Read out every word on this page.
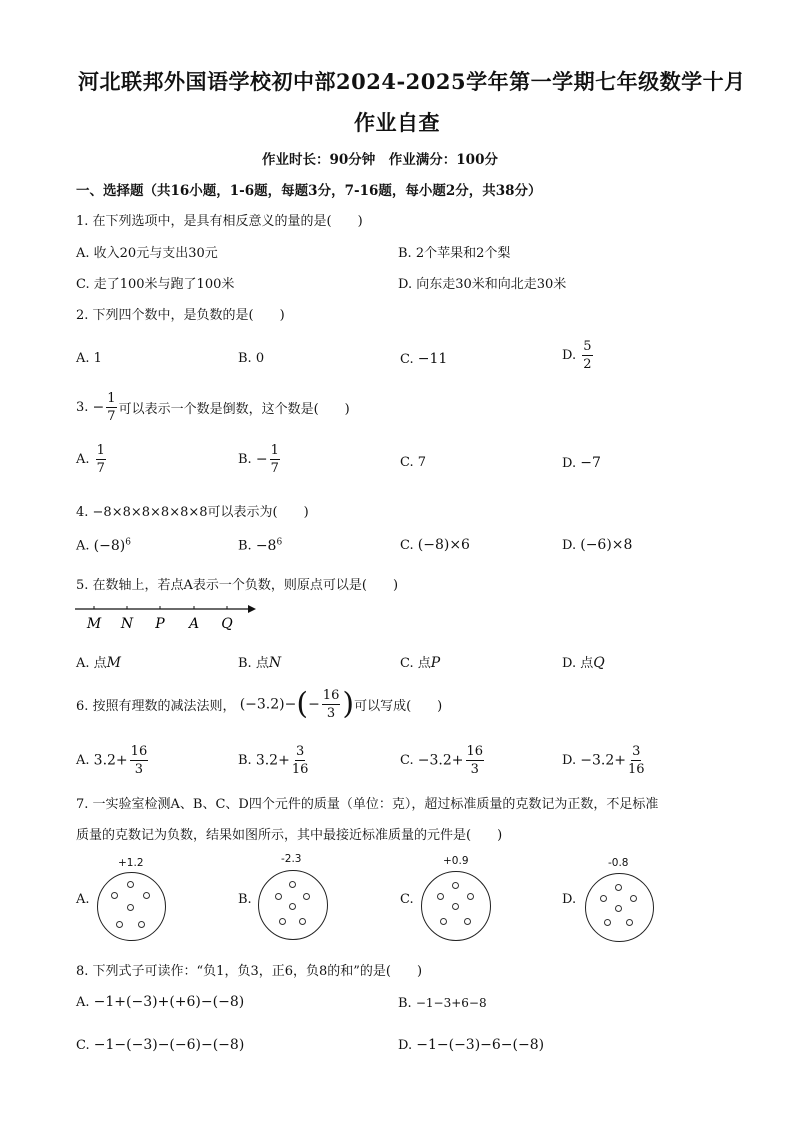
河北联邦外国语学校初中部2024-2025学年第一学期七年级数学十月
作业自查
作业时长：90分钟　作业满分：100分
一、选择题（共16小题，1-6题，每题3分，7-16题，每小题2分，共38分）
1. 在下列选项中，是具有相反意义的量的是(　　)
A. 收入20元与支出30元	B. 2个苹果和2个梨
C. 走了100米与跑了100米	D. 向东走30米和向北走30米
2. 下列四个数中，是负数的是(　　)
A. 1	B. 0	C. −11	D. $\frac{5}{2}$
3. − $\frac{1}{7}$ 可以表示一个数是倒数，这个数是(　　)
A. $\frac{1}{7}$	B. − $\frac{1}{7}$	C. 7	D. −7
4. −8×8×8×8×8×8可以表示为(　　)
A. $(-8)^6$	B. $-8^6$	C. (−8)×6	D. (−6)×8
5. 在数轴上，若点A表示一个负数，则原点可以是(　　)
M N P A Q
A. 点M	B. 点N	C. 点P	D. 点Q
6. 按照有理数的减法法则， $(-3.2)-(- \frac{16}{3}$ )可以写成(　　)
A. $3.2+ \frac{16}{3}$	B. $3.2+ \frac{3}{16}$	C. $-3.2+ \frac{16}{3}$	D. $-3.2+ \frac{3}{16}$
7. 一实验室检测A、B、C、D四个元件的质量（单位：克），超过标准质量的克数记为正数，不足标准
质量的克数记为负数，结果如图所示，其中最接近标准质量的元件是(　　)
A.
+1.2
B.
-2.3
C.
+0.9
D.
-0.8
8. 下列式子可读作：“负1，负3，正6，负8的和”的是(　　)
A. −1+(−3)+(+6)−(−8)	B. −1−3+6−8
C. −1−(−3)−(−6)−(−8)	D. −1−(−3)−6−(−8)
